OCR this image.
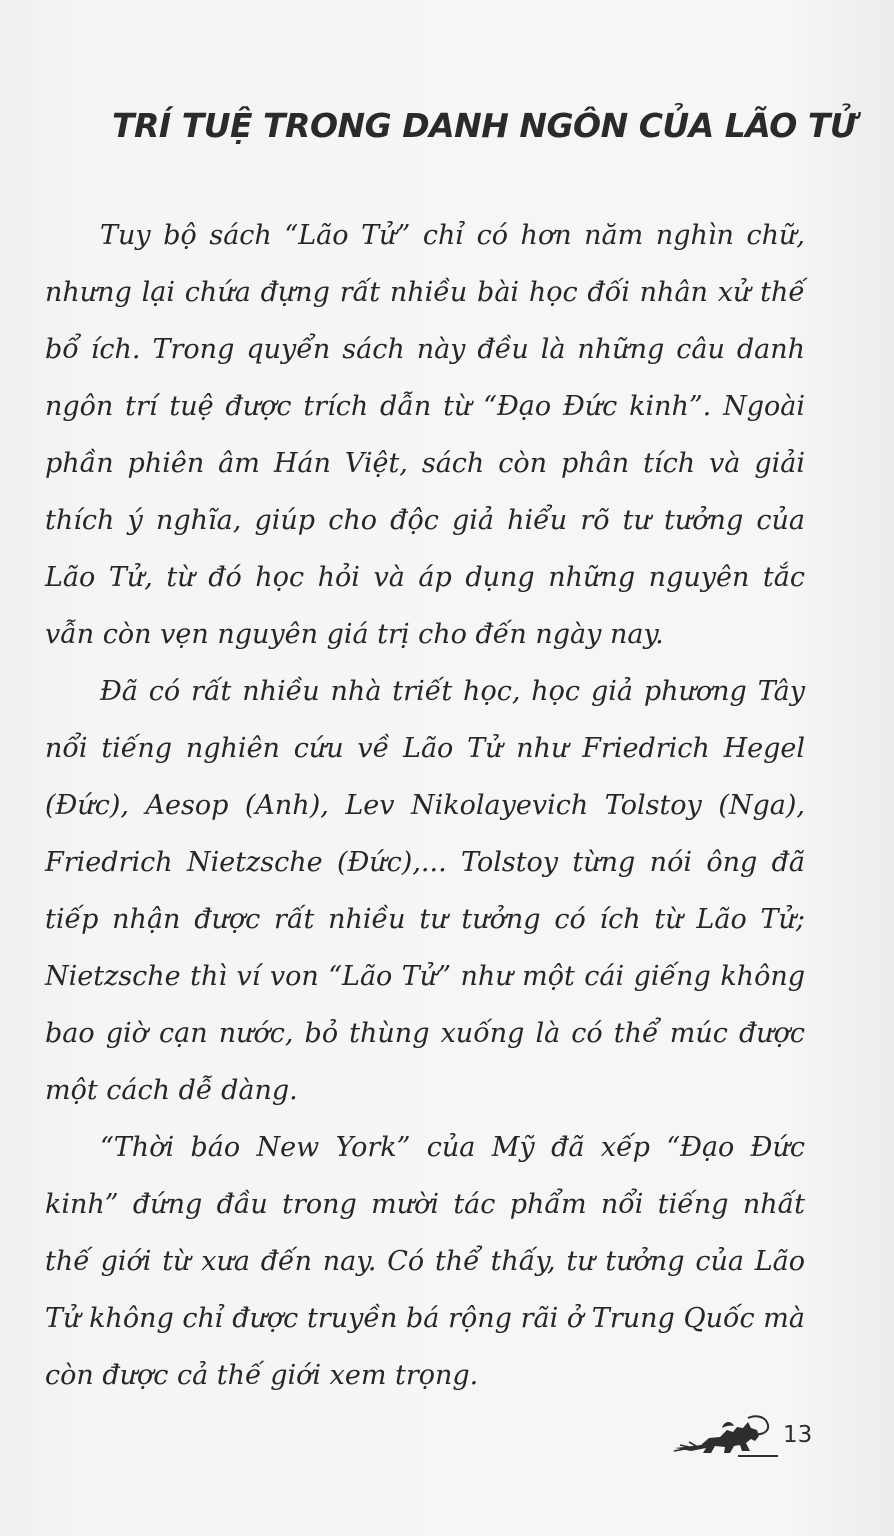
TRÍ TUỆ TRONG DANH NGÔN CỦA LÃO TỬ

Tuy bộ sách “Lão Tử” chỉ có hơn năm nghìn chữ, nhưng lại chứa đựng rất nhiều bài học đối nhân xử thế bổ ích. Trong quyển sách này đều là những câu danh ngôn trí tuệ được trích dẫn từ “Đạo Đức kinh”. Ngoài phần phiên âm Hán Việt, sách còn phân tích và giải thích ý nghĩa, giúp cho độc giả hiểu rõ tư tưởng của Lão Tử, từ đó học hỏi và áp dụng những nguyên tắc vẫn còn vẹn nguyên giá trị cho đến ngày nay.

Đã có rất nhiều nhà triết học, học giả phương Tây nổi tiếng nghiên cứu về Lão Tử như Friedrich Hegel (Đức), Aesop (Anh), Lev Nikolayevich Tolstoy (Nga), Friedrich Nietzsche (Đức),... Tolstoy từng nói ông đã tiếp nhận được rất nhiều tư tưởng có ích từ Lão Tử; Nietzsche thì ví von “Lão Tử” như một cái giếng không bao giờ cạn nước, bỏ thùng xuống là có thể múc được một cách dễ dàng.

“Thời báo New York” của Mỹ đã xếp “Đạo Đức kinh” đứng đầu trong mười tác phẩm nổi tiếng nhất thế giới từ xưa đến nay. Có thể thấy, tư tưởng của Lão Tử không chỉ được truyền bá rộng rãi ở Trung Quốc mà còn được cả thế giới xem trọng.

13
